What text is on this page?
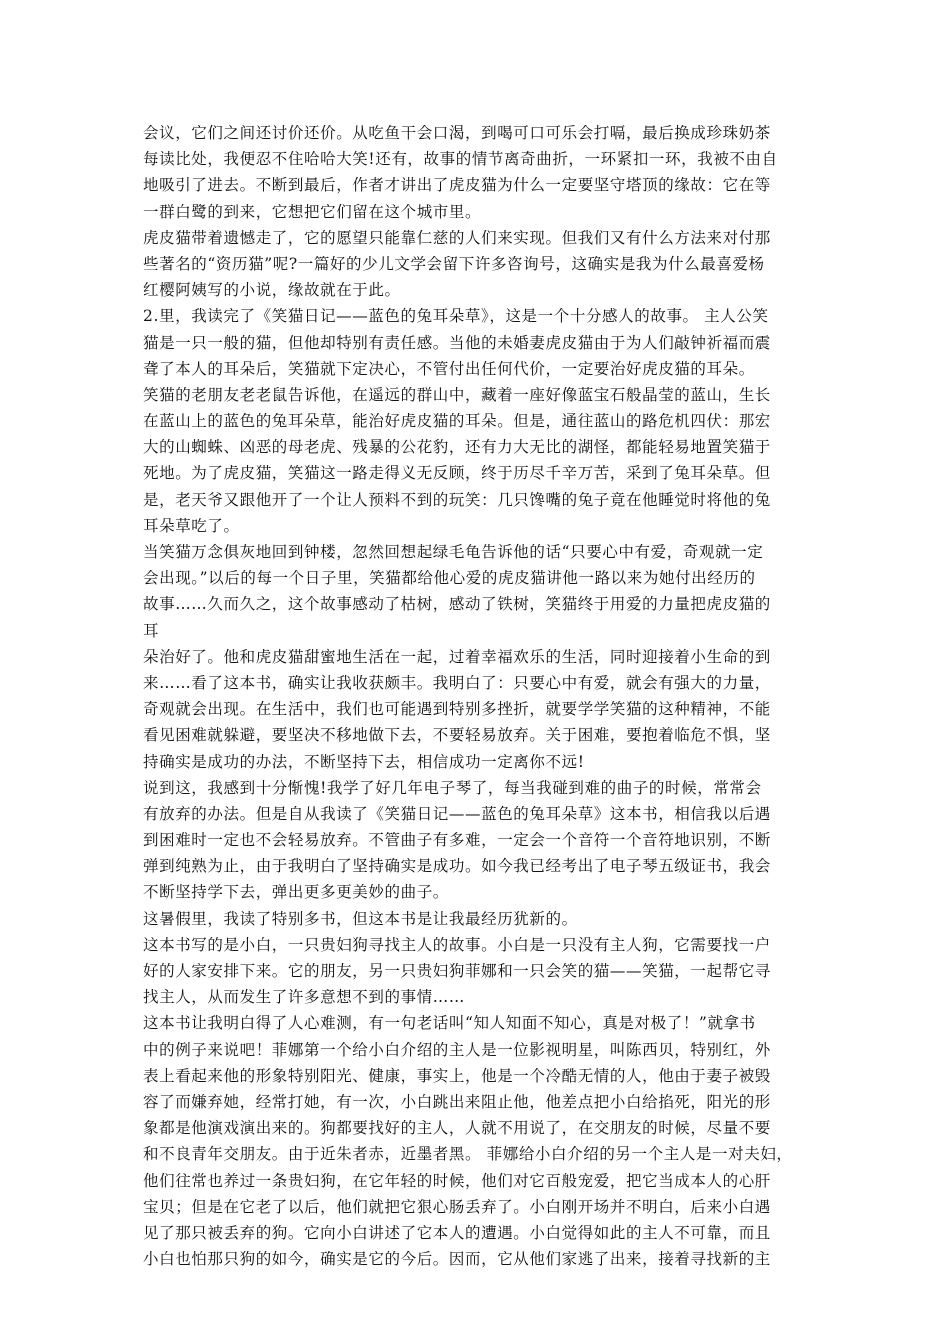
会议，它们之间还讨价还价。从吃鱼干会口渴，到喝可口可乐会打嗝，最后换成珍珠奶茶
每读比处，我便忍不住哈哈大笑!还有，故事的情节离奇曲折，一环紧扣一环，我被不由自
地吸引了进去。不断到最后，作者才讲出了虎皮猫为什么一定要坚守塔顶的缘故：它在等
一群白鹭的到来，它想把它们留在这个城市里。
虎皮猫带着遗憾走了，它的愿望只能靠仁慈的人们来实现。但我们又有什么方法来对付那
些著名的“资历猫”呢?一篇好的少儿文学会留下许多咨询号，这确实是我为什么最喜爱杨
红樱阿姨写的小说，缘故就在于此。
2.里，我读完了《笑猫日记——蓝色的兔耳朵草》，这是一个十分感人的故事。 主人公笑
猫是一只一般的猫，但他却特别有责任感。当他的未婚妻虎皮猫由于为人们敲钟祈福而震
聋了本人的耳朵后，笑猫就下定决心，不管付出任何代价，一定要治好虎皮猫的耳朵。
笑猫的老朋友老老鼠告诉他，在遥远的群山中，藏着一座好像蓝宝石般晶莹的蓝山，生长
在蓝山上的蓝色的兔耳朵草，能治好虎皮猫的耳朵。但是，通往蓝山的路危机四伏：那宏
大的山蜘蛛、凶恶的母老虎、残暴的公花豹，还有力大无比的湖怪，都能轻易地置笑猫于
死地。为了虎皮猫，笑猫这一路走得义无反顾，终于历尽千辛万苦，采到了兔耳朵草。但
是，老天爷又跟他开了一个让人预料不到的玩笑：几只馋嘴的兔子竟在他睡觉时将他的兔
耳朵草吃了。
当笑猫万念俱灰地回到钟楼，忽然回想起绿毛龟告诉他的话“只要心中有爱，奇观就一定
会出现。”以后的每一个日子里，笑猫都给他心爱的虎皮猫讲他一路以来为她付出经历的
故事……久而久之，这个故事感动了枯树，感动了铁树，笑猫终于用爱的力量把虎皮猫的
耳
朵治好了。他和虎皮猫甜蜜地生活在一起，过着幸福欢乐的生活，同时迎接着小生命的到
来……看了这本书，确实让我收获颇丰。我明白了：只要心中有爱，就会有强大的力量，
奇观就会出现。在生活中，我们也可能遇到特别多挫折，就要学学笑猫的这种精神，不能
看见困难就躲避，要坚决不移地做下去，不要轻易放弃。关于困难，要抱着临危不惧，坚
持确实是成功的办法，不断坚持下去，相信成功一定离你不远!
说到这，我感到十分惭愧!我学了好几年电子琴了，每当我碰到难的曲子的时候，常常会
有放弃的办法。但是自从我读了《笑猫日记——蓝色的兔耳朵草》这本书，相信我以后遇
到困难时一定也不会轻易放弃。不管曲子有多难，一定会一个音符一个音符地识别，不断
弹到纯熟为止，由于我明白了坚持确实是成功。如今我已经考出了电子琴五级证书，我会
不断坚持学下去，弹出更多更美妙的曲子。
这暑假里，我读了特别多书，但这本书是让我最经历犹新的。
这本书写的是小白，一只贵妇狗寻找主人的故事。小白是一只没有主人狗，它需要找一户
好的人家安排下来。它的朋友，另一只贵妇狗菲娜和一只会笑的猫——笑猫，一起帮它寻
找主人，从而发生了许多意想不到的事情……
这本书让我明白得了人心难测，有一句老话叫“知人知面不知心，真是对极了！”就拿书
中的例子来说吧！菲娜第一个给小白介绍的主人是一位影视明星，叫陈西贝，特别红，外
表上看起来他的形象特别阳光、健康，事实上，他是一个冷酷无情的人，他由于妻子被毁
容了而嫌弃她，经常打她，有一次，小白跳出来阻止他，他差点把小白给掐死，阳光的形
象都是他演戏演出来的。狗都要找好的主人，人就不用说了，在交朋友的时候，尽量不要
和不良青年交朋友。由于近朱者赤，近墨者黑。 菲娜给小白介绍的另一个主人是一对夫妇，
他们往常也养过一条贵妇狗，在它年轻的时候，他们对它百般宠爱，把它当成本人的心肝
宝贝；但是在它老了以后，他们就把它狠心肠丢弃了。小白刚开场并不明白，后来小白遇
见了那只被丢弃的狗。它向小白讲述了它本人的遭遇。小白觉得如此的主人不可靠，而且
小白也怕那只狗的如今，确实是它的今后。因而，它从他们家逃了出来，接着寻找新的主
